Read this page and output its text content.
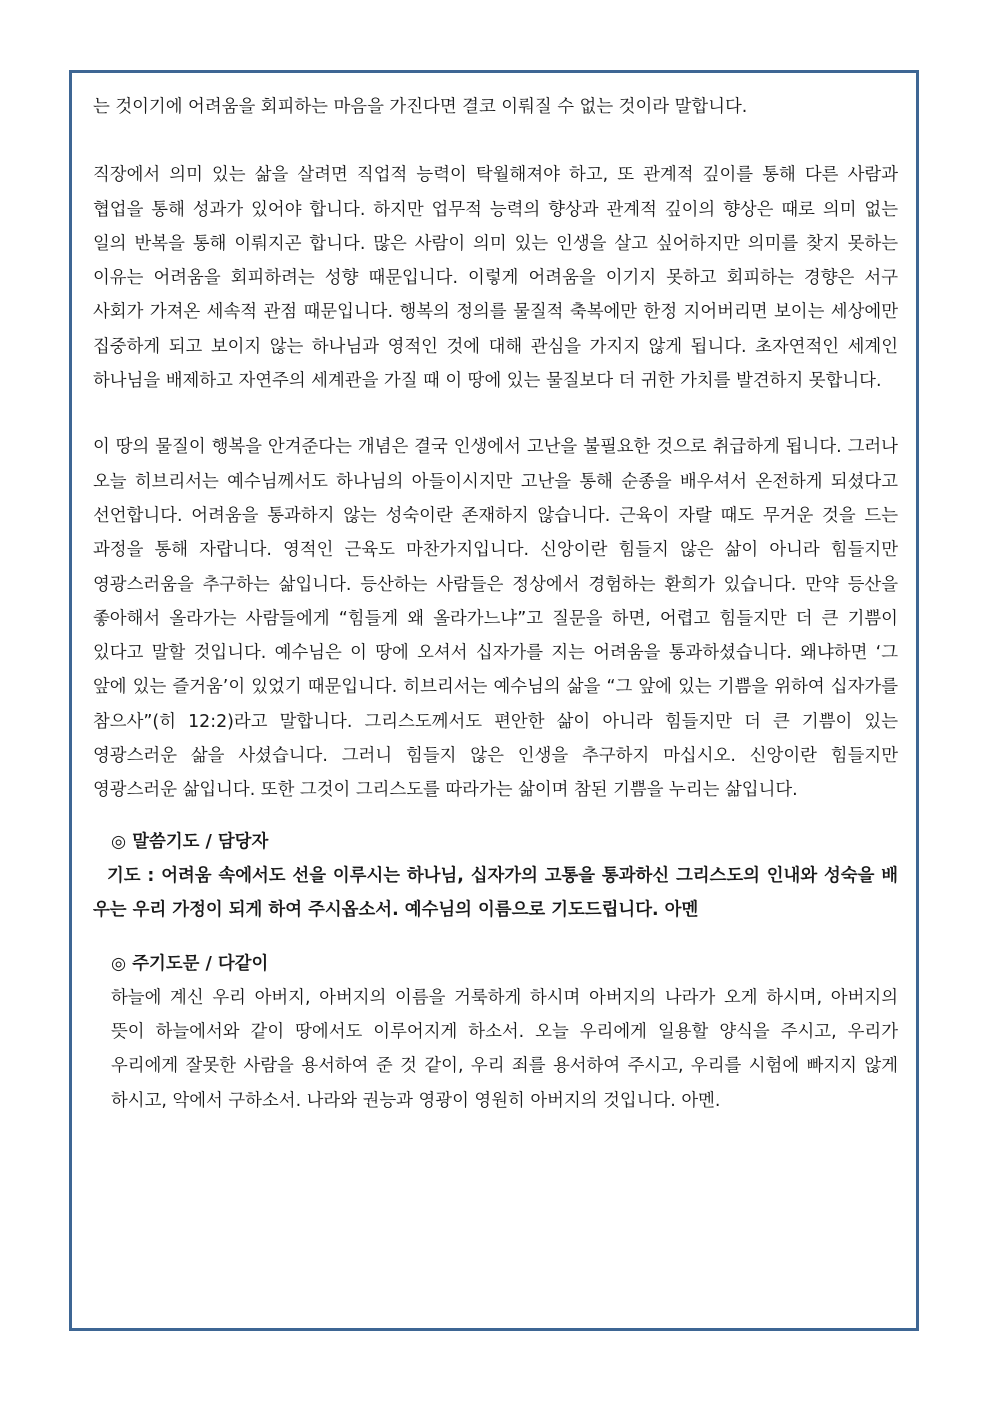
는 것이기에 어려움을 회피하는 마음을 가진다면 결코 이뤄질 수 없는 것이라 말합니다.

직장에서 의미 있는 삶을 살려면 직업적 능력이 탁월해져야 하고, 또 관계적 깊이를 통해 다른 사람과 협업을 통해 성과가 있어야 합니다. 하지만 업무적 능력의 향상과 관계적 깊이의 향상은 때로 의미 없는 일의 반복을 통해 이뤄지곤 합니다. 많은 사람이 의미 있는 인생을 살고 싶어하지만 의미를 찾지 못하는 이유는 어려움을 회피하려는 성향 때문입니다. 이렇게 어려움을 이기지 못하고 회피하는 경향은 서구 사회가 가져온 세속적 관점 때문입니다. 행복의 정의를 물질적 축복에만 한정 지어버리면 보이는 세상에만 집중하게 되고 보이지 않는 하나님과 영적인 것에 대해 관심을 가지지 않게 됩니다. 초자연적인 세계인 하나님을 배제하고 자연주의 세계관을 가질 때 이 땅에 있는 물질보다 더 귀한 가치를 발견하지 못합니다.

이 땅의 물질이 행복을 안겨준다는 개념은 결국 인생에서 고난을 불필요한 것으로 취급하게 됩니다. 그러나 오늘 히브리서는 예수님께서도 하나님의 아들이시지만 고난을 통해 순종을 배우셔서 온전하게 되셨다고 선언합니다. 어려움을 통과하지 않는 성숙이란 존재하지 않습니다. 근육이 자랄 때도 무거운 것을 드는 과정을 통해 자랍니다. 영적인 근육도 마찬가지입니다. 신앙이란 힘들지 않은 삶이 아니라 힘들지만 영광스러움을 추구하는 삶입니다. 등산하는 사람들은 정상에서 경험하는 환희가 있습니다. 만약 등산을 좋아해서 올라가는 사람들에게 “힘들게 왜 올라가느냐”고 질문을 하면, 어렵고 힘들지만 더 큰 기쁨이 있다고 말할 것입니다. 예수님은 이 땅에 오셔서 십자가를 지는 어려움을 통과하셨습니다. 왜냐하면 ‘그 앞에 있는 즐거움’이 있었기 때문입니다. 히브리서는 예수님의 삶을 “그 앞에 있는 기쁨을 위하여 십자가를 참으사”(히 12:2)라고 말합니다. 그리스도께서도 편안한 삶이 아니라 힘들지만 더 큰 기쁨이 있는 영광스러운 삶을 사셨습니다. 그러니 힘들지 않은 인생을 추구하지 마십시오. 신앙이란 힘들지만 영광스러운 삶입니다. 또한 그것이 그리스도를 따라가는 삶이며 참된 기쁨을 누리는 삶입니다.

◎ 말씀기도 / 담당자
기도 : 어려움 속에서도 선을 이루시는 하나님, 십자가의 고통을 통과하신 그리스도의 인내와 성숙을 배우는 우리 가정이 되게 하여 주시옵소서. 예수님의 이름으로 기도드립니다. 아멘
◎ 주기도문 / 다같이

하늘에 계신 우리 아버지, 아버지의 이름을 거룩하게 하시며 아버지의 나라가 오게 하시며, 아버지의 뜻이 하늘에서와 같이 땅에서도 이루어지게 하소서. 오늘 우리에게 일용할 양식을 주시고, 우리가 우리에게 잘못한 사람을 용서하여 준 것 같이, 우리 죄를 용서하여 주시고, 우리를 시험에 빠지지 않게 하시고, 악에서 구하소서. 나라와 권능과 영광이 영원히 아버지의 것입니다. 아멘.
